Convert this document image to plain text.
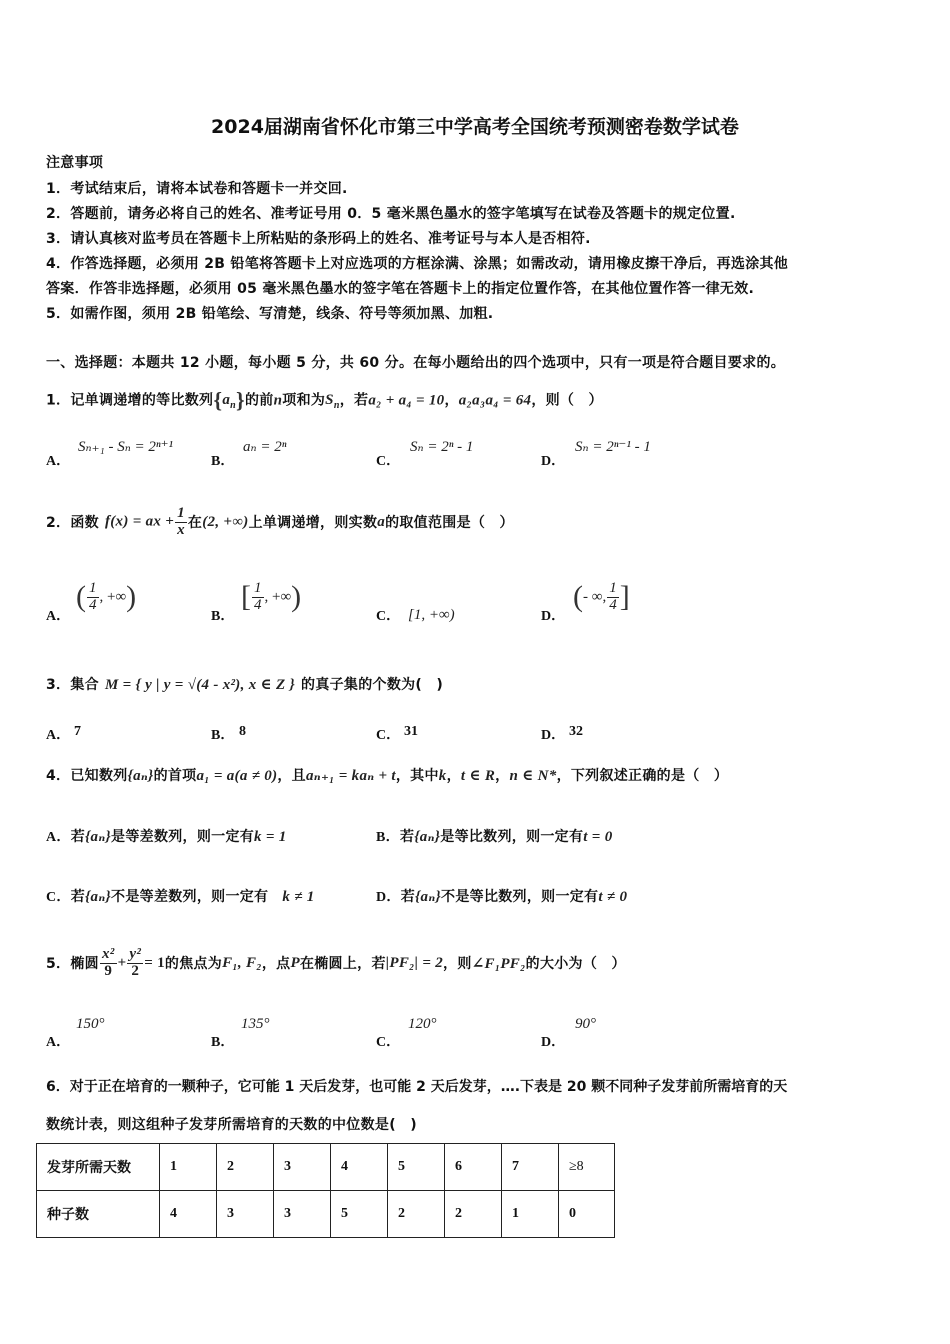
2024届湖南省怀化市第三中学高考全国统考预测密卷数学试卷
注意事项
1．考试结束后，请将本试卷和答题卡一并交回.
2．答题前，请务必将自己的姓名、准考证号用 0．5 毫米黑色墨水的签字笔填写在试卷及答题卡的规定位置.
3．请认真核对监考员在答题卡上所粘贴的条形码上的姓名、准考证号与本人是否相符.
4．作答选择题，必须用 2B 铅笔将答题卡上对应选项的方框涂满、涂黑；如需改动，请用橡皮擦干净后，再选涂其他
答案．作答非选择题，必须用 05 毫米黑色墨水的签字笔在答题卡上的指定位置作答，在其他位置作答一律无效.
5．如需作图，须用 2B 铅笔绘、写清楚，线条、符号等须加黑、加粗.
一、选择题：本题共 12 小题，每小题 5 分，共 60 分。在每小题给出的四个选项中，只有一项是符合题目要求的。
1．记单调递增的等比数列$\{a_n\}$的前n项和为$S_n$，若a₂ + a₄ = 10，a₂a₃a₄ = 64，则（　）
A．
Sₙ₊₁ - Sₙ = 2ⁿ⁺¹
B．
aₙ = 2ⁿ
C．
Sₙ = 2ⁿ - 1
D．
Sₙ = 2ⁿ⁻¹ - 1
2．函数 f(x) = ax + $\frac{1}{x}$ 在 (2, +∞) 上单调递增，则实数 a 的取值范围是（　）
A．
( $\frac{1}{4}$ , +∞ )
B．
[ $\frac{1}{4}$ , +∞ )
C． [1, +∞)	D．
( - ∞, $\frac{1}{4}$ ]
3．集合 M = { y | y = √(4 - x²), x ∈ Z } 的真子集的个数为(　)
A． 7	B． 8	C． 31	D． 32
4．已知数列{aₙ}的首项a₁ = a(a ≠ 0)，且aₙ₊₁ = kaₙ + t，其中k，t ∈ R，n ∈ N*，下列叙述正确的是（　）
A．若{aₙ}是等差数列，则一定有k = 1	B．若{aₙ}是等比数列，则一定有t = 0
C．若{aₙ}不是等差数列，则一定有 k ≠ 1	D．若{aₙ}不是等比数列，则一定有t ≠ 0
5．椭圆 $\frac{\text{x²}}{9} + \frac{\text{y²}}{2} = 1$ 的焦点为 F₁, F₂ ，点 P 在椭圆上，若 |PF₂| = 2 ，则 ∠F₁PF₂ 的大小为（　）
A．
150°
B．
135°
C．
120°
D．
90°
6．对于正在培育的一颗种子，它可能 1 天后发芽，也可能 2 天后发芽，….下表是 20 颗不同种子发芽前所需培育的天
数统计表，则这组种子发芽所需培育的天数的中位数是(　)
发芽所需天数	1	2	3	4	5	6	7	≥8
种子数	4	3	3	5	2	2	1	0
